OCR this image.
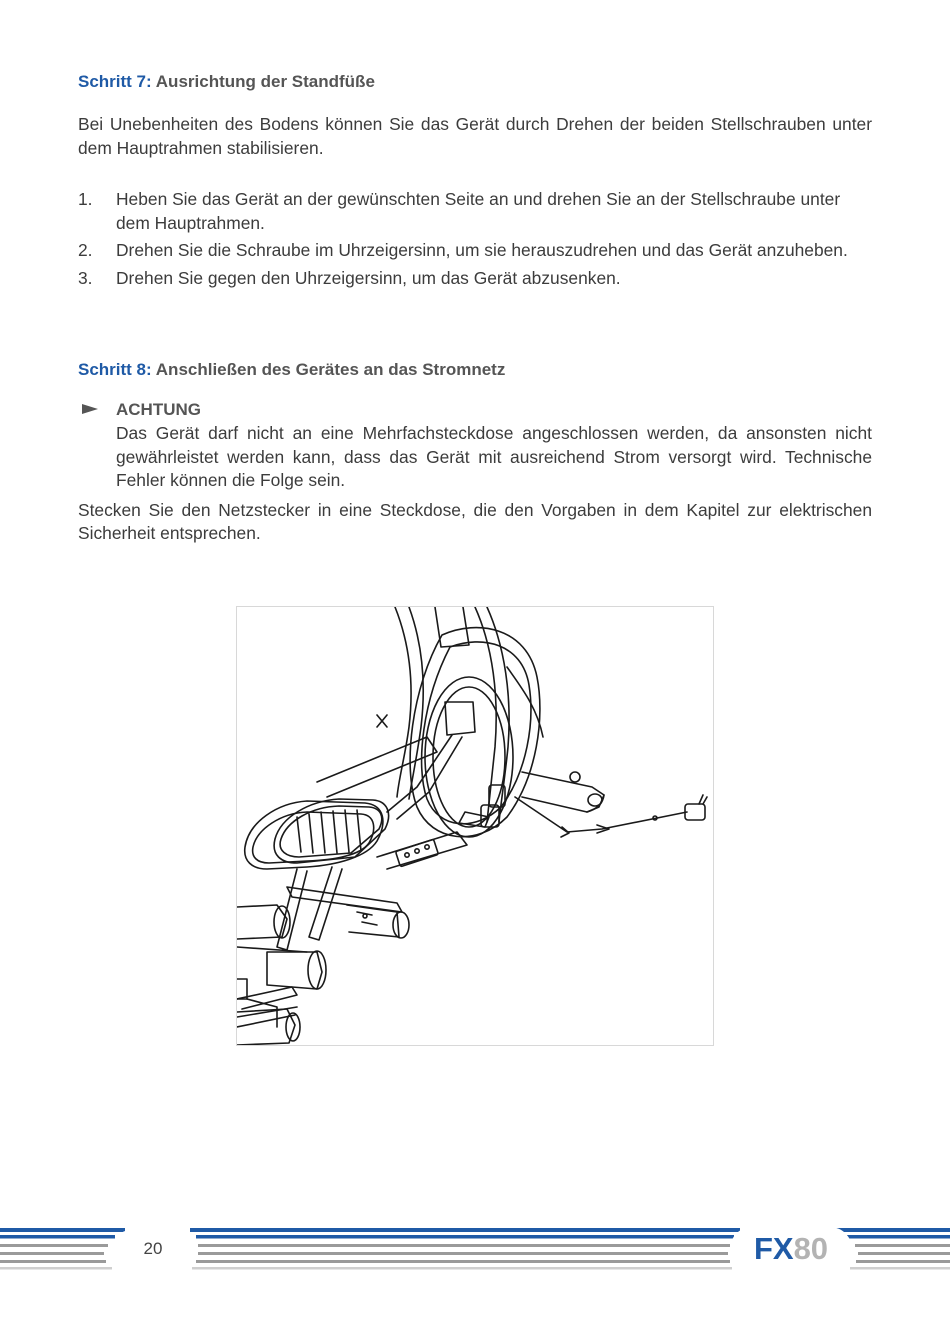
Schritt 7: Ausrichtung der Standfüße

Bei Unebenheiten des Bodens können Sie das Gerät durch Drehen der beiden Stellschrauben unter dem Hauptrahmen stabilisieren.

1. Heben Sie das Gerät an der gewünschten Seite an und drehen Sie an der Stellschraube unter dem Hauptrahmen.
2. Drehen Sie die Schraube im Uhrzeigersinn, um sie herauszudrehen und das Gerät anzuheben.
3. Drehen Sie gegen den Uhrzeigersinn, um das Gerät abzusenken.
Schritt 8: Anschließen des Gerätes an das Stromnetz
ACHTUNG

Das Gerät darf nicht an eine Mehrfachsteckdose angeschlossen werden, da ansonsten nicht gewährleistet werden kann, dass das Gerät mit ausreichend Strom versorgt wird. Technische Fehler können die Folge sein.

Stecken Sie den Netzstecker in eine Steckdose, die den Vorgaben in dem Kapitel zur elektrischen Sicherheit entsprechen.

20	FX80
